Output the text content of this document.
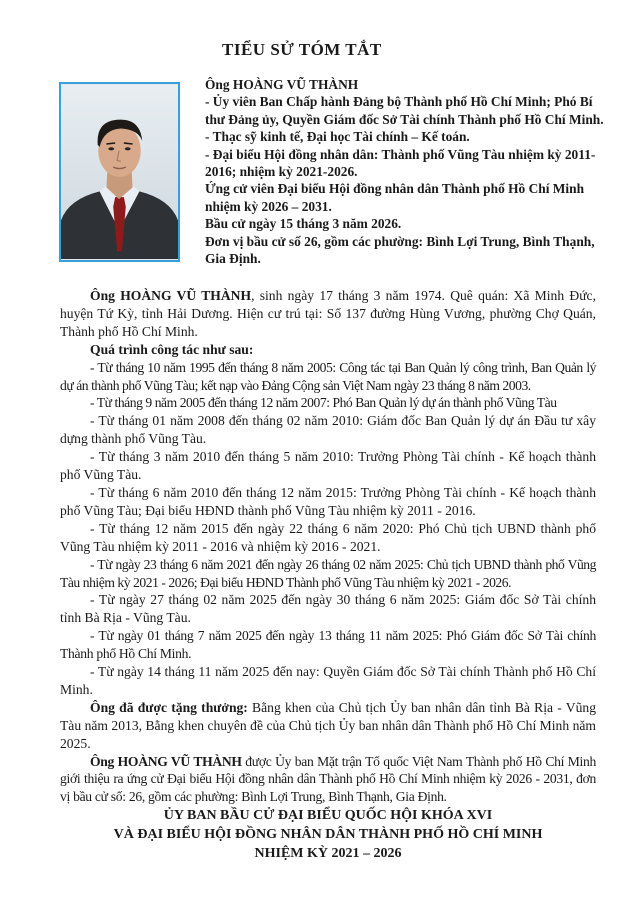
TIỂU SỬ TÓM TẮT

Ông HOÀNG VŨ THÀNH

- Ủy viên Ban Chấp hành Đảng bộ Thành phố Hồ Chí Minh; Phó Bí thư Đảng ủy, Quyền Giám đốc Sở Tài chính Thành phố Hồ Chí Minh.

- Thạc sỹ kinh tế, Đại học Tài chính – Kế toán.

- Đại biểu Hội đồng nhân dân: Thành phố Vũng Tàu nhiệm kỳ 2011-2016; nhiệm kỳ 2021-2026.

Ứng cử viên Đại biểu Hội đồng nhân dân Thành phố Hồ Chí Minh nhiệm kỳ 2026 – 2031.

Bầu cử ngày 15 tháng 3 năm 2026.

Đơn vị bầu cử số 26, gồm các phường: Bình Lợi Trung, Bình Thạnh, Gia Định.

Ông HOÀNG VŨ THÀNH, sinh ngày 17 tháng 3 năm 1974. Quê quán: Xã Minh Đức, huyện Tứ Kỳ, tỉnh Hải Dương. Hiện cư trú tại: Số 137 đường Hùng Vương, phường Chợ Quán, Thành phố Hồ Chí Minh.

Quá trình công tác như sau:

- Từ tháng 10 năm 1995 đến tháng 8 năm 2005: Công tác tại Ban Quản lý công trình, Ban Quản lý dự án thành phố Vũng Tàu; kết nạp vào Đảng Cộng sản Việt Nam ngày 23 tháng 8 năm 2003.

- Từ tháng 9 năm 2005 đến tháng 12 năm 2007: Phó Ban Quản lý dự án thành phố Vũng Tàu

- Từ tháng 01 năm 2008 đến tháng 02 năm 2010: Giám đốc Ban Quản lý dự án Đầu tư xây dựng thành phố Vũng Tàu.

- Từ tháng 3 năm 2010 đến tháng 5 năm 2010: Trưởng Phòng Tài chính - Kế hoạch thành phố Vũng Tàu.

- Từ tháng 6 năm 2010 đến tháng 12 năm 2015: Trưởng Phòng Tài chính - Kế hoạch thành phố Vũng Tàu; Đại biểu HĐND thành phố Vũng Tàu nhiệm kỳ 2011 - 2016.

- Từ tháng 12 năm 2015 đến ngày 22 tháng 6 năm 2020: Phó Chủ tịch UBND thành phố Vũng Tàu nhiệm kỳ 2011 - 2016 và nhiệm kỳ 2016 - 2021.

- Từ ngày 23 tháng 6 năm 2021 đến ngày 26 tháng 02 năm 2025: Chủ tịch UBND thành phố Vũng Tàu nhiệm kỳ 2021 - 2026; Đại biểu HĐND Thành phố Vũng Tàu nhiệm kỳ 2021 - 2026.

- Từ ngày 27 tháng 02 năm 2025 đến ngày 30 tháng 6 năm 2025: Giám đốc Sở Tài chính tỉnh Bà Rịa - Vũng Tàu.

- Từ ngày 01 tháng 7 năm 2025 đến ngày 13 tháng 11 năm 2025: Phó Giám đốc Sở Tài chính Thành phố Hồ Chí Minh.

- Từ ngày 14 tháng 11 năm 2025 đến nay: Quyền Giám đốc Sở Tài chính Thành phố Hồ Chí Minh.

Ông đã được tặng thưởng: Bằng khen của Chủ tịch Ủy ban nhân dân tỉnh Bà Rịa - Vũng Tàu năm 2013, Bằng khen chuyên đề của Chủ tịch Ủy ban nhân dân Thành phố Hồ Chí Minh năm 2025.

Ông HOÀNG VŨ THÀNH được Ủy ban Mặt trận Tổ quốc Việt Nam Thành phố Hồ Chí Minh giới thiệu ra ứng cử Đại biểu Hội đồng nhân dân Thành phố Hồ Chí Minh nhiệm kỳ 2026 - 2031, đơn vị bầu cử số: 26, gồm các phường: Bình Lợi Trung, Bình Thạnh, Gia Định.

ỦY BAN BẦU CỬ ĐẠI BIỂU QUỐC HỘI KHÓA XVI

VÀ ĐẠI BIỂU HỘI ĐỒNG NHÂN DÂN THÀNH PHỐ HỒ CHÍ MINH

NHIỆM KỲ 2021 – 2026
